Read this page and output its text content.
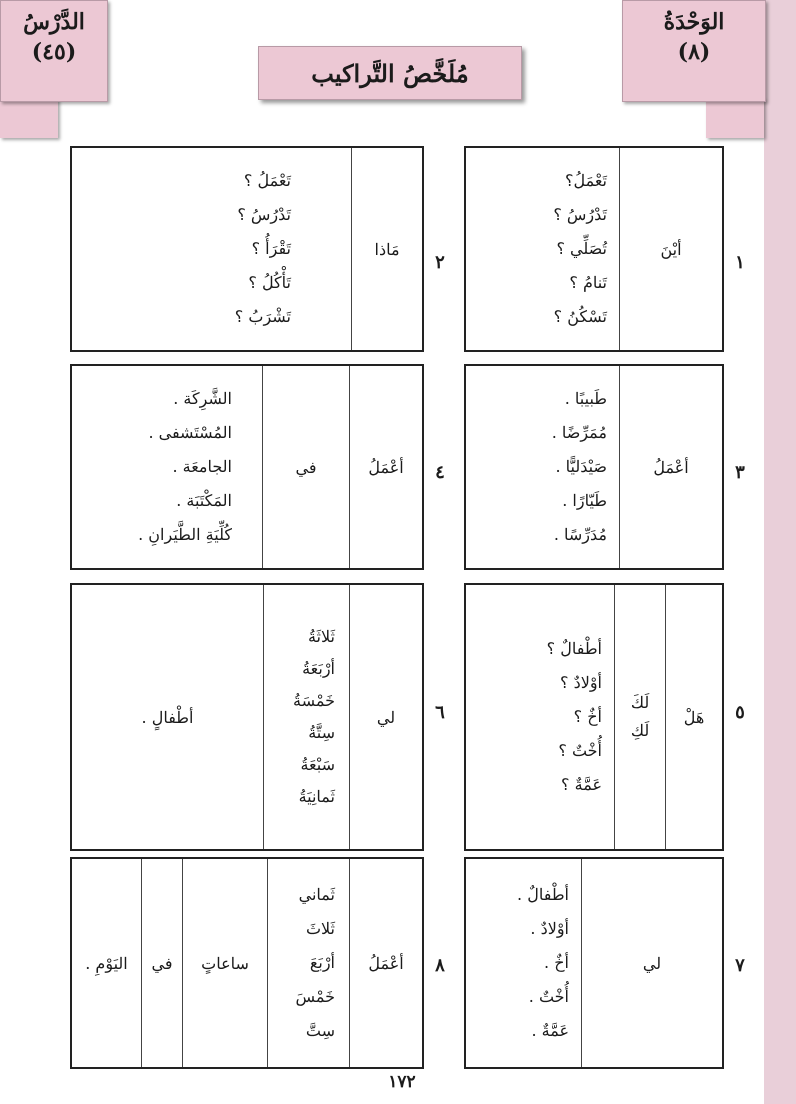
الدَّرْسُ
(٤٥)
الوَحْدَةُ
(٨)
مُلَخَّصُ التَّراكيب
١
أيْنَ
تَعْمَلُ؟
تَدْرُسُ ؟
تُصَلِّي ؟
تَنامُ ؟
تَسْكُنُ ؟
٢
مَاذا
تَعْمَلُ ؟
تَدْرُسُ ؟
تَقْرَأُ ؟
تَأْكُلُ ؟
تَشْرَبُ ؟
٣
أعْمَلُ
طَبيبًا .
مُمَرِّضًا .
صَيْدَليًّا .
طَيّارًا .
مُدَرِّسًا .
٤
أعْمَلُ
في
الشَّرِكَة .
المُسْتَشفى .
الجامعَة .
المَكْتَبَة .
كُلِّيَةِ الطَّيَرانِ .
٥
هَلْ
لَكَ
لَكِ
أطْفالٌ ؟
أوْلادٌ ؟
أخٌ ؟
أُخْتٌ ؟
عَمَّةٌ ؟
٦
لي
ثَلاثَةُ
أرْبَعَةُ
خَمْسَةُ
سِتَّةُ
سَبْعَةُ
ثَمانِيَةُ
أطْفالٍ .
٧
لي
أطْفالٌ .
أوْلادٌ .
أخٌ .
أُخْتٌ .
عَمَّةٌ .
٨
أعْمَلُ
ثَماني
ثَلاثَ
أرْبَعَ
خَمْسَ
سِتَّ
ساعاتٍ
في
اليَوْمِ .
١٧٢
